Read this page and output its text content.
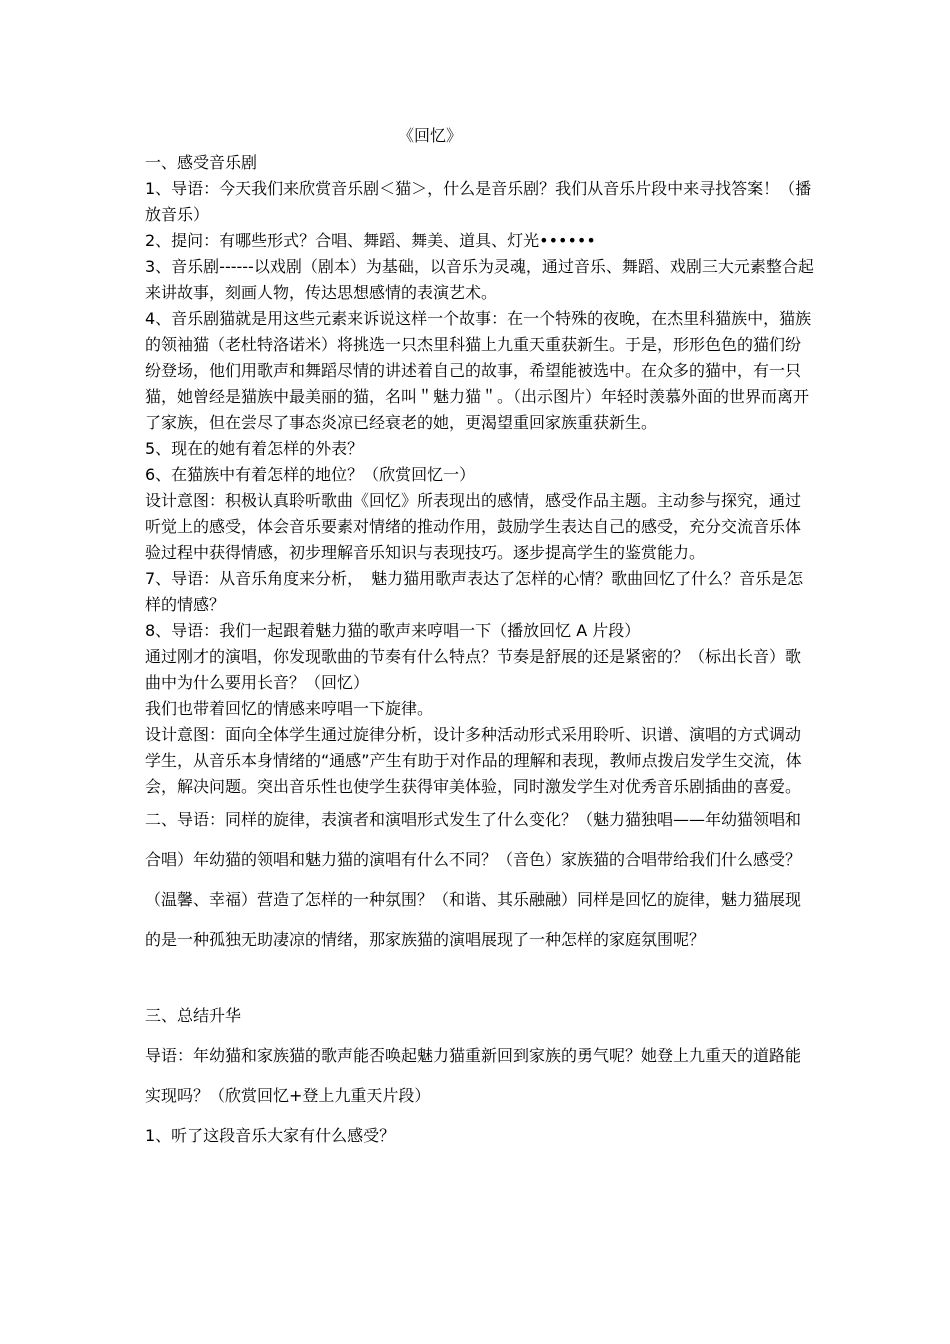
《回忆》

一、感受音乐剧

1、导语：今天我们来欣赏音乐剧＜猫＞，什么是音乐剧？我们从音乐片段中来寻找答案！（播放音乐）

2、提问：有哪些形式？合唱、舞蹈、舞美、道具、灯光••••••

3、音乐剧------以戏剧（剧本）为基础，以音乐为灵魂，通过音乐、舞蹈、戏剧三大元素整合起来讲故事，刻画人物，传达思想感情的表演艺术。

4、音乐剧猫就是用这些元素来诉说这样一个故事：在一个特殊的夜晚，在杰里科猫族中，猫族的领袖猫（老杜特洛诺米）将挑选一只杰里科猫上九重天重获新生。于是，形形色色的猫们纷纷登场，他们用歌声和舞蹈尽情的讲述着自己的故事，希望能被选中。在众多的猫中，有一只猫，她曾经是猫族中最美丽的猫，名叫＂魅力猫＂。（出示图片）年轻时羡慕外面的世界而离开了家族，但在尝尽了事态炎凉已经衰老的她，更渴望重回家族重获新生。

5、现在的她有着怎样的外表？

6、在猫族中有着怎样的地位？（欣赏回忆一）

设计意图：积极认真聆听歌曲《回忆》所表现出的感情，感受作品主题。主动参与探究，通过听觉上的感受，体会音乐要素对情绪的推动作用，鼓励学生表达自己的感受，充分交流音乐体验过程中获得情感，初步理解音乐知识与表现技巧。逐步提高学生的鉴赏能力。

7、导语：从音乐角度来分析，　魅力猫用歌声表达了怎样的心情？歌曲回忆了什么？音乐是怎样的情感？

8、导语：我们一起跟着魅力猫的歌声来哼唱一下（播放回忆 A 片段）

通过刚才的演唱，你发现歌曲的节奏有什么特点？节奏是舒展的还是紧密的？（标出长音）歌曲中为什么要用长音？（回忆）

我们也带着回忆的情感来哼唱一下旋律。

设计意图：面向全体学生通过旋律分析，设计多种活动形式采用聆听、识谱、演唱的方式调动学生，从音乐本身情绪的“通感”产生有助于对作品的理解和表现，教师点拨启发学生交流，体会，解决问题。突出音乐性也使学生获得审美体验，同时激发学生对优秀音乐剧插曲的喜爱。

二、导语：同样的旋律，表演者和演唱形式发生了什么变化？（魅力猫独唱——年幼猫领唱和合唱）年幼猫的领唱和魅力猫的演唱有什么不同？（音色）家族猫的合唱带给我们什么感受？（温馨、幸福）营造了怎样的一种氛围？（和谐、其乐融融）同样是回忆的旋律，魅力猫展现的是一种孤独无助凄凉的情绪，那家族猫的演唱展现了一种怎样的家庭氛围呢？

三、总结升华

导语：年幼猫和家族猫的歌声能否唤起魅力猫重新回到家族的勇气呢？她登上九重天的道路能实现吗？（欣赏回忆+登上九重天片段）

1、听了这段音乐大家有什么感受？
